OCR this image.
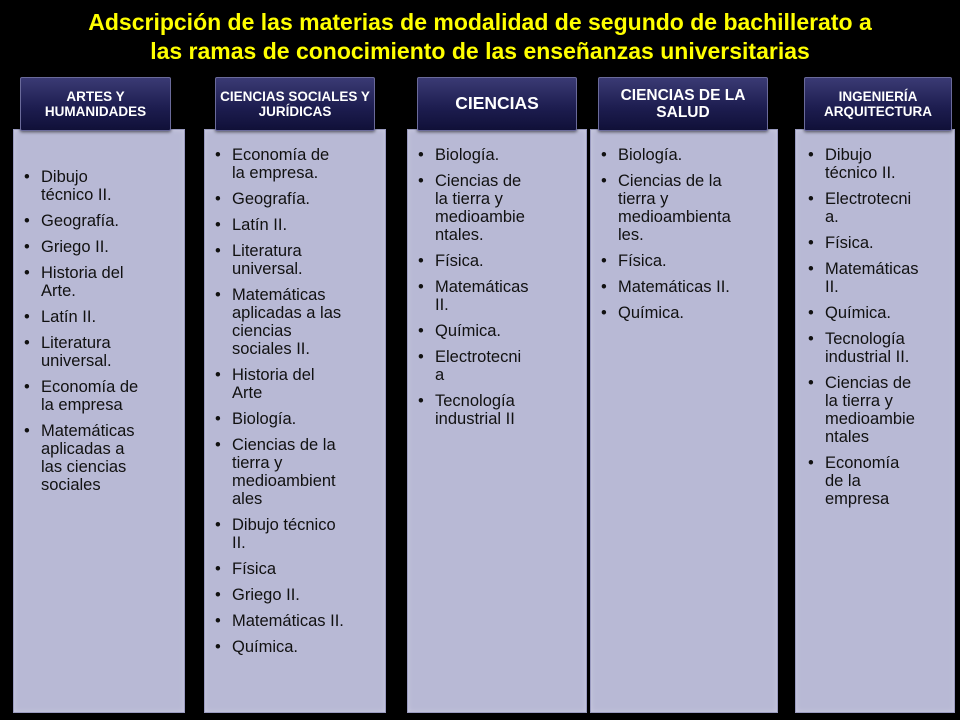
Adscripción de las materias de modalidad de segundo de bachillerato a
las ramas de conocimiento de las enseñanzas universitarias
• Dibujo
técnico II.
• Geografía.
• Griego II.
• Historia del
Arte.
• Latín II.
• Literatura
universal.
• Economía de
la empresa
• Matemáticas
aplicadas a
las ciencias
sociales
ARTES Y HUMANIDADES
• Economía de
la empresa.
• Geografía.
• Latín II.
• Literatura
universal.
• Matemáticas
aplicadas a las
ciencias
sociales II.
• Historia del
Arte
• Biología.
• Ciencias de la
tierra y
medioambient
ales
• Dibujo técnico
II.
• Física
• Griego II.
• Matemáticas II.
• Química.
CIENCIAS SOCIALES Y JURÍDICAS
• Biología.
• Ciencias de
la tierra y
medioambie
ntales.
• Física.
• Matemáticas
II.
• Química.
• Electrotecni
a
• Tecnología
industrial II
CIENCIAS
• Biología.
• Ciencias de la
tierra y
medioambienta
les.
• Física.
• Matemáticas II.
• Química.
CIENCIAS DE LA SALUD
• Dibujo
técnico II.
• Electrotecni
a.
• Física.
• Matemáticas
II.
• Química.
• Tecnología
industrial II.
• Ciencias de
la tierra y
medioambie
ntales
• Economía
de la
empresa
INGENIERÍA ARQUITECTURA
